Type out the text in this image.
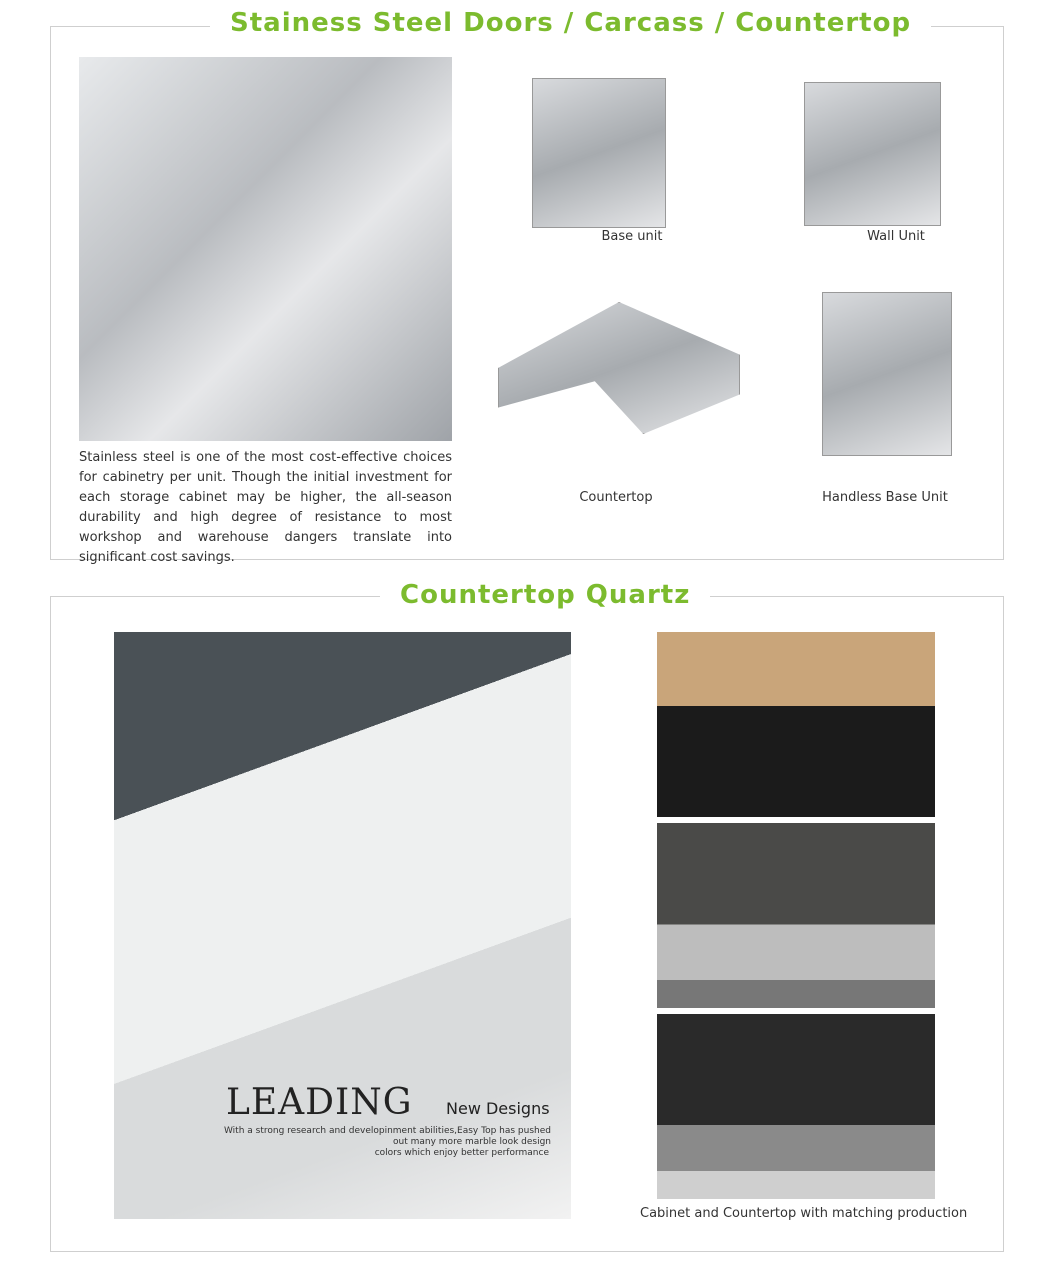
Stainess Steel Doors / Carcass / Countertop
Stainless steel is one of the most cost-effective choices for cabinetry per unit. Though the initial investment for each storage cabinet may be higher, the all-season durability and high degree of resistance to most workshop and warehouse dangers translate into significant cost savings.
Base unit	Wall Unit
Countertop	Handless Base Unit
Countertop Quartz
LEADING New Designs
With a strong research and developinment abilities,Easy Top has pushed
out many more marble look design
colors which enjoy better performance
Cabinet and Countertop with matching production
